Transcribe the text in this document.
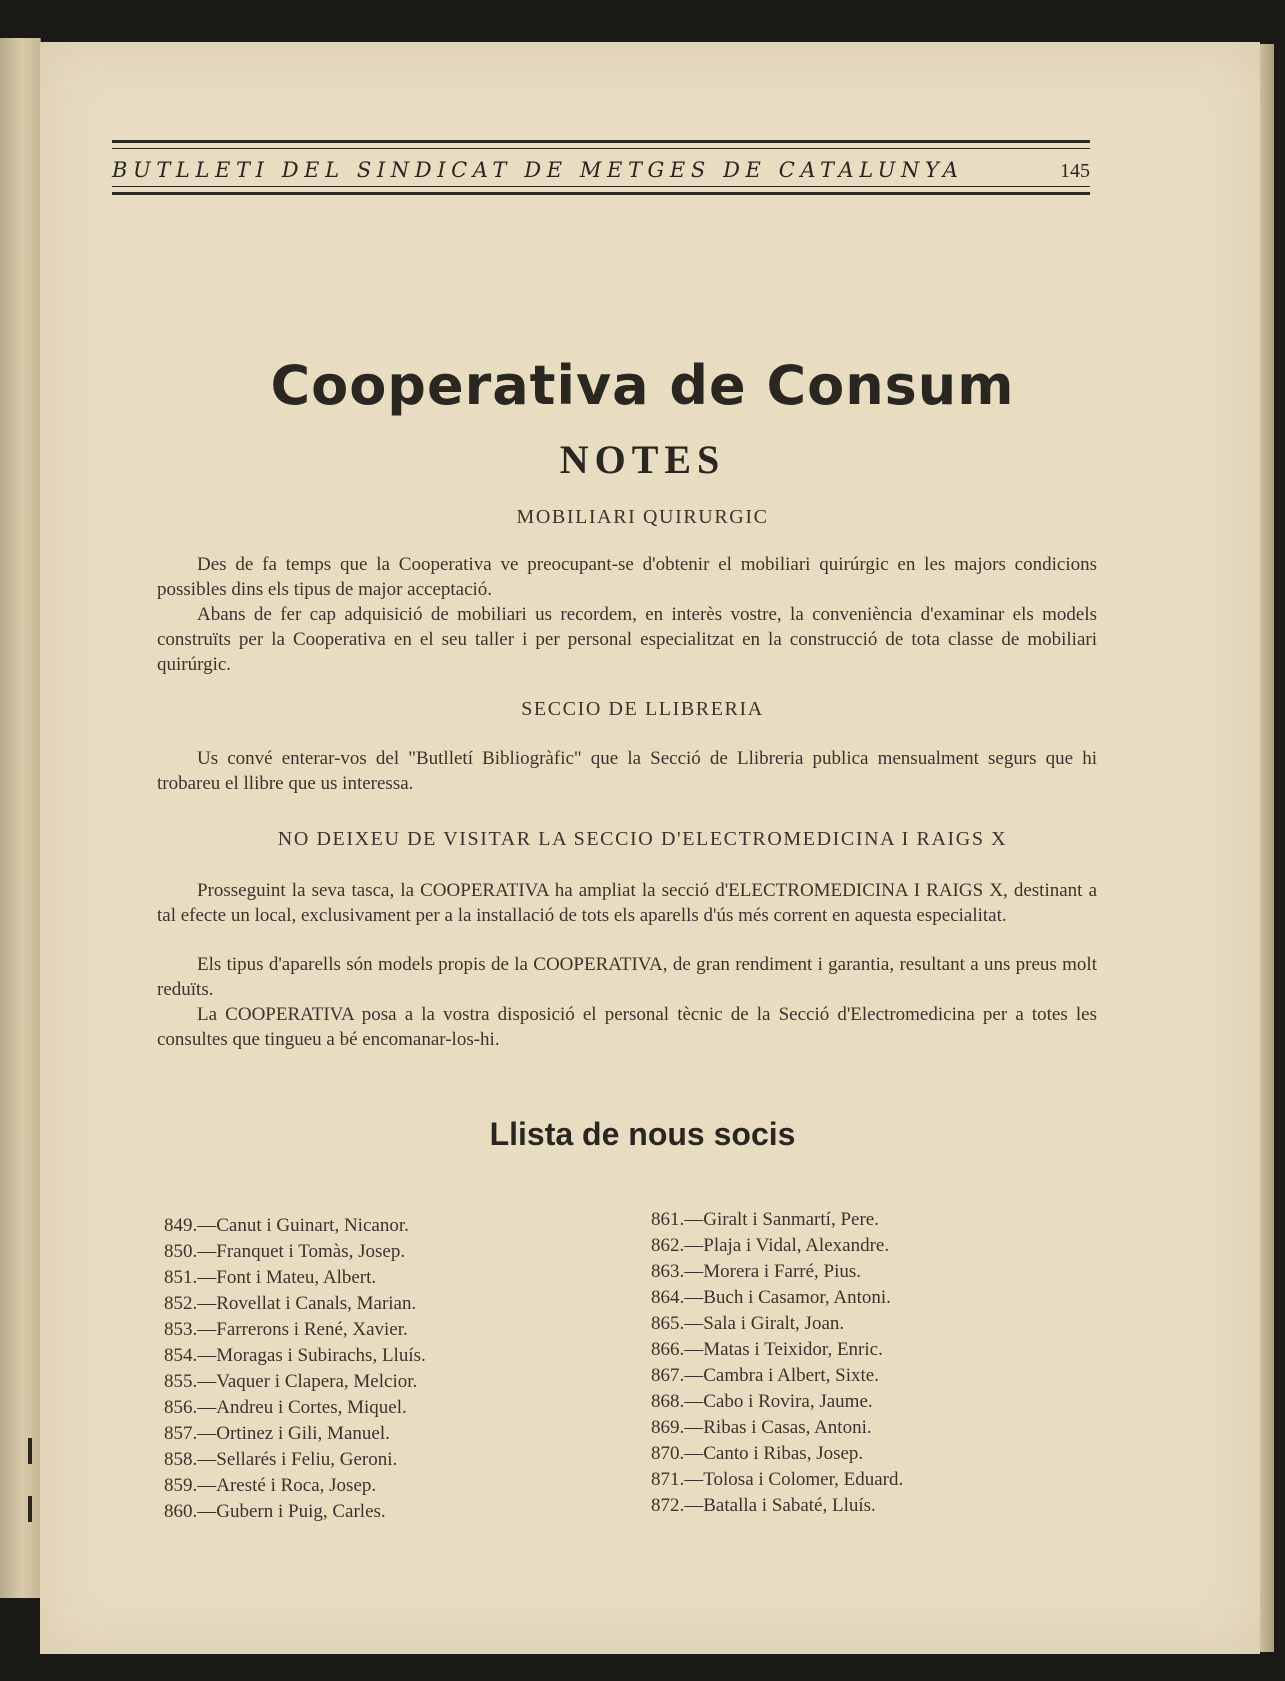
BUTLLETI DEL SINDICAT DE METGES DE CATALUNYA	145
Cooperativa de Consum
NOTES
MOBILIARI QUIRURGIC

Des de fa temps que la Cooperativa ve preocupant-se d'obtenir el mobiliari quirúrgic en les majors condicions possibles dins els tipus de major acceptació.

Abans de fer cap adquisició de mobiliari us recordem, en interès vostre, la conveniència d'examinar els models construïts per la Cooperativa en el seu taller i per personal especialitzat en la construcció de tota classe de mobiliari quirúrgic.

SECCIO DE LLIBRERIA

Us convé enterar-vos del "Butlletí Bibliogràfic" que la Secció de Llibreria publica mensualment segurs que hi trobareu el llibre que us interessa.

NO DEIXEU DE VISITAR LA SECCIO D'ELECTROMEDICINA I RAIGS X

Prosseguint la seva tasca, la COOPERATIVA ha ampliat la secció d'ELECTROMEDICINA I RAIGS X, destinant a tal efecte un local, exclusivament per a la installació de tots els aparells d'ús més corrent en aquesta especialitat.

Els tipus d'aparells són models propis de la COOPERATIVA, de gran rendiment i garantia, resultant a uns preus molt reduïts.

La COOPERATIVA posa a la vostra disposició el personal tècnic de la Secció d'Electromedicina per a totes les consultes que tingueu a bé encomanar-los-hi.

Llista de nous socis
849.—Canut i Guinart, Nicanor.
850.—Franquet i Tomàs, Josep.
851.—Font i Mateu, Albert.
852.—Rovellat i Canals, Marian.
853.—Farrerons i René, Xavier.
854.—Moragas i Subirachs, Lluís.
855.—Vaquer i Clapera, Melcior.
856.—Andreu i Cortes, Miquel.
857.—Ortinez i Gili, Manuel.
858.—Sellarés i Feliu, Geroni.
859.—Aresté i Roca, Josep.
860.—Gubern i Puig, Carles.
861.—Giralt i Sanmartí, Pere.
862.—Plaja i Vidal, Alexandre.
863.—Morera i Farré, Pius.
864.—Buch i Casamor, Antoni.
865.—Sala i Giralt, Joan.
866.—Matas i Teixidor, Enric.
867.—Cambra i Albert, Sixte.
868.—Cabo i Rovira, Jaume.
869.—Ribas i Casas, Antoni.
870.—Canto i Ribas, Josep.
871.—Tolosa i Colomer, Eduard.
872.—Batalla i Sabaté, Lluís.
